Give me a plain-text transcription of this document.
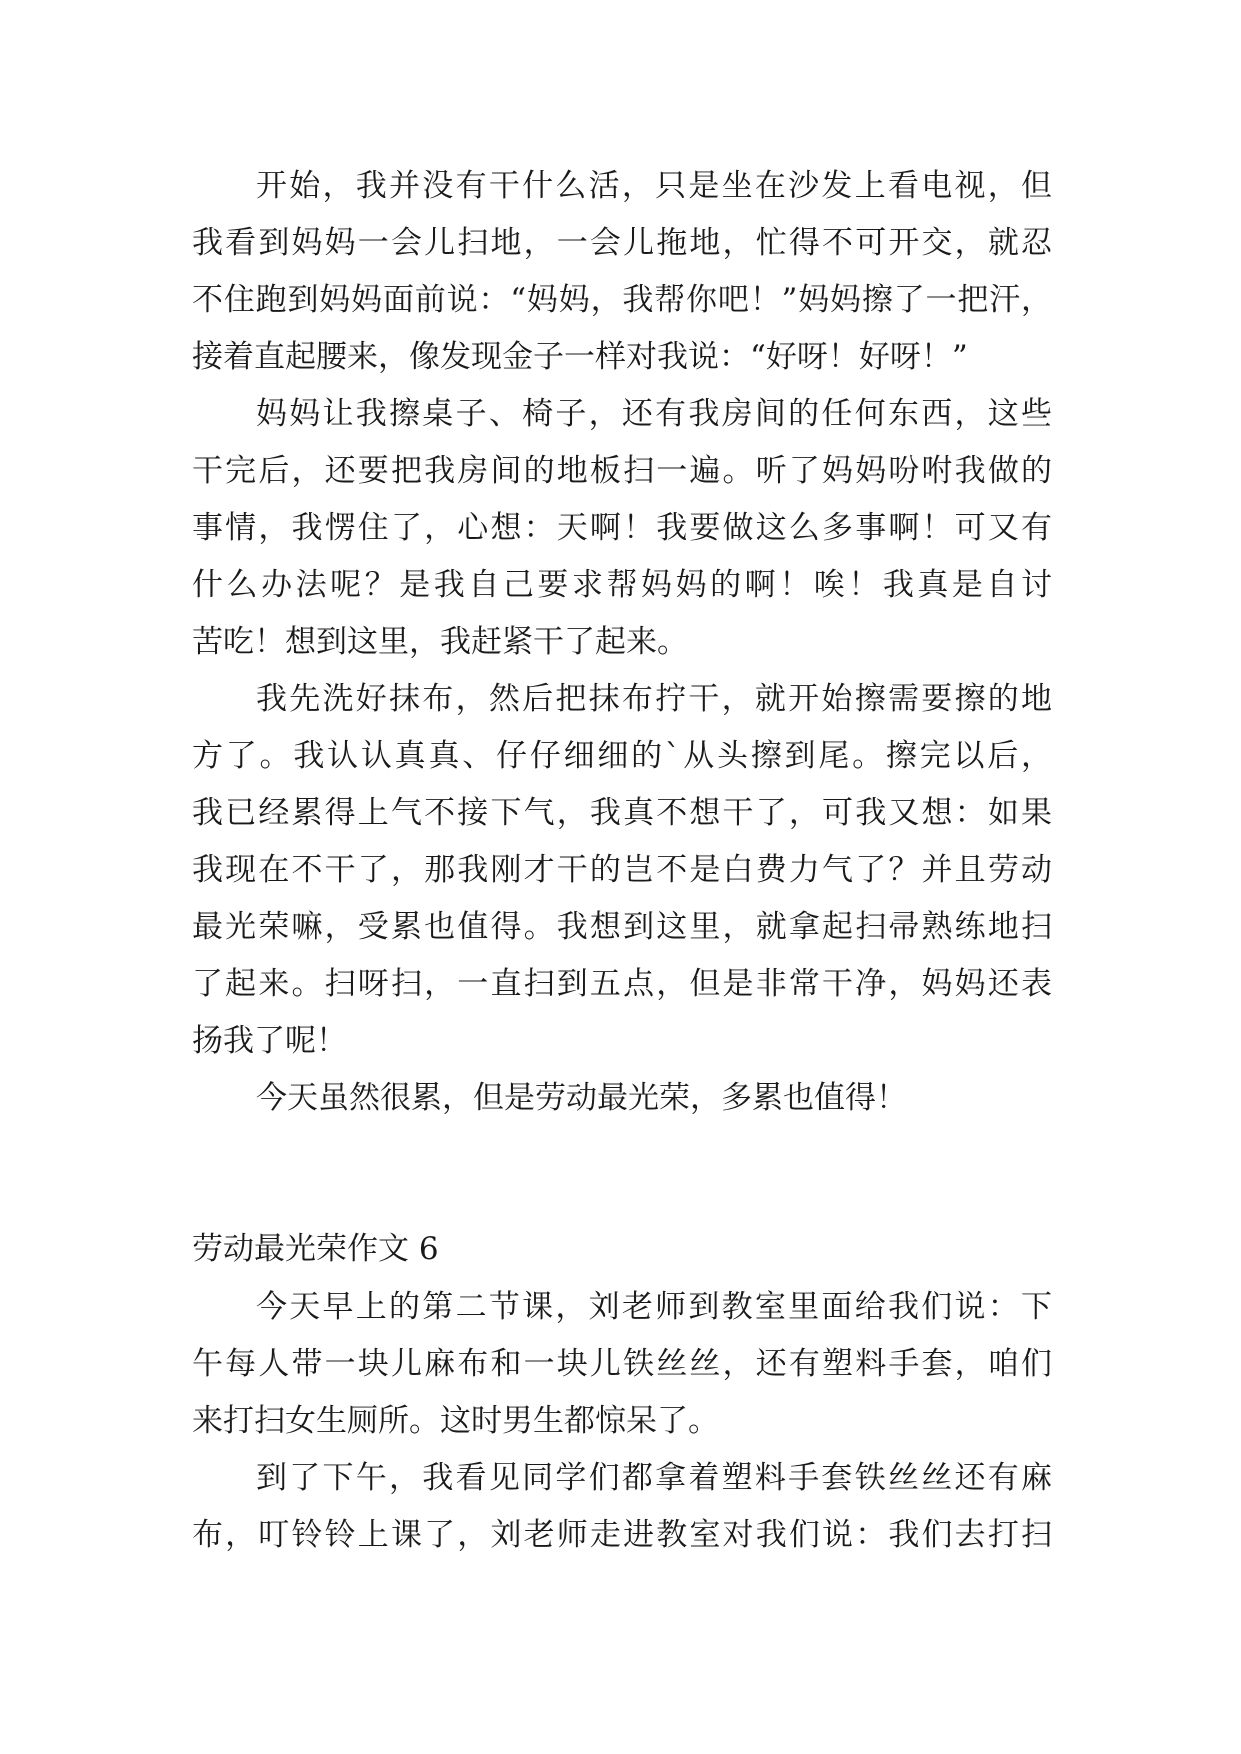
开始，我并没有干什么活，只是坐在沙发上看电视，但
我看到妈妈一会儿扫地，一会儿拖地，忙得不可开交，就忍
不住跑到妈妈面前说：“妈妈，我帮你吧！”妈妈擦了一把汗，
接着直起腰来，像发现金子一样对我说：“好呀！好呀！”
妈妈让我擦桌子、椅子，还有我房间的任何东西，这些
干完后，还要把我房间的地板扫一遍。听了妈妈吩咐我做的
事情，我愣住了，心想：天啊！我要做这么多事啊！可又有
什么办法呢？是我自己要求帮妈妈的啊！唉！我真是自讨
苦吃！想到这里，我赶紧干了起来。
我先洗好抹布，然后把抹布拧干，就开始擦需要擦的地
方了。我认认真真、仔仔细细的`从头擦到尾。擦完以后，
我已经累得上气不接下气，我真不想干了，可我又想：如果
我现在不干了，那我刚才干的岂不是白费力气了？并且劳动
最光荣嘛，受累也值得。我想到这里，就拿起扫帚熟练地扫
了起来。扫呀扫，一直扫到五点，但是非常干净，妈妈还表
扬我了呢！
今天虽然很累，但是劳动最光荣，多累也值得！
劳动最光荣作文 6
今天早上的第二节课，刘老师到教室里面给我们说：下
午每人带一块儿麻布和一块儿铁丝丝，还有塑料手套，咱们
来打扫女生厕所。这时男生都惊呆了。
到了下午，我看见同学们都拿着塑料手套铁丝丝还有麻
布，叮铃铃上课了，刘老师走进教室对我们说：我们去打扫
